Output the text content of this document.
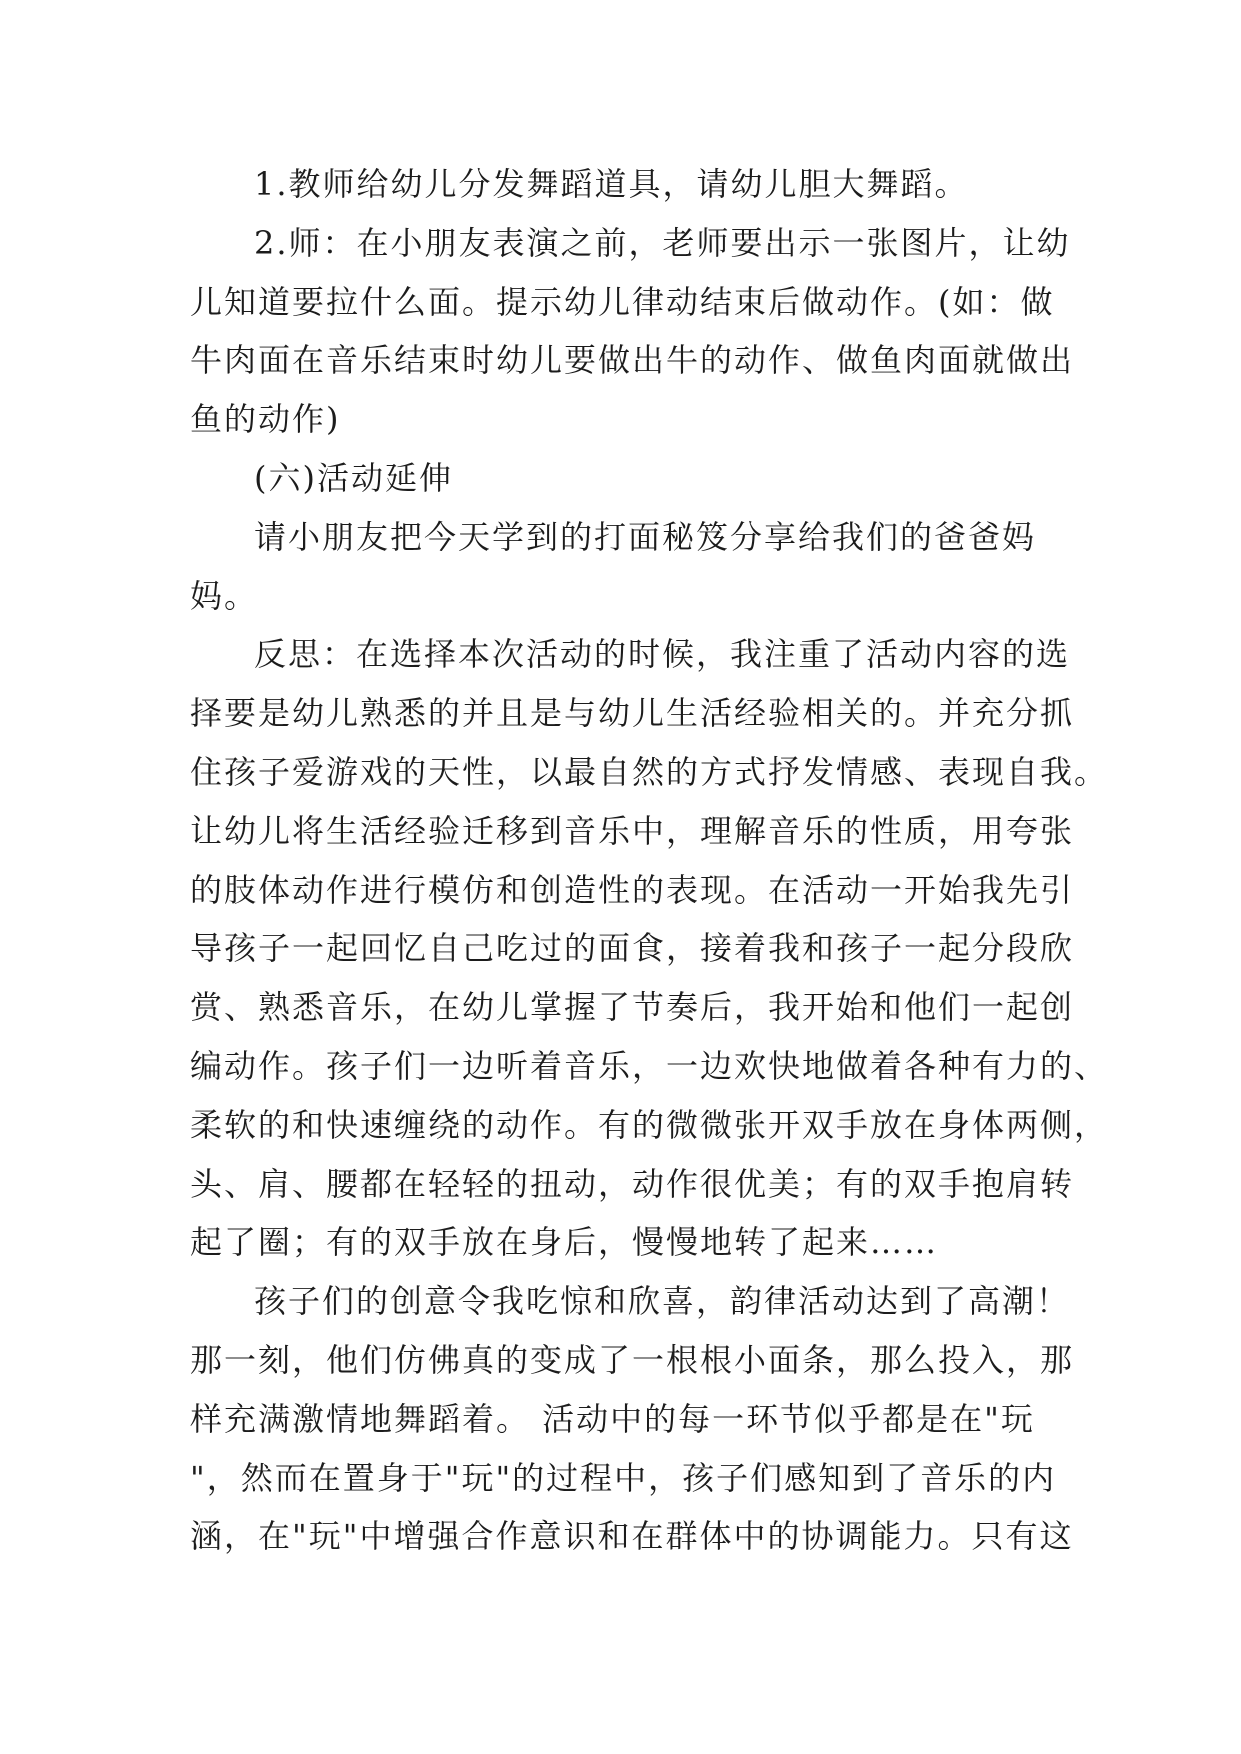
1.教师给幼儿分发舞蹈道具，请幼儿胆大舞蹈。
2.师：在小朋友表演之前，老师要出示一张图片，让幼
儿知道要拉什么面。提示幼儿律动结束后做动作。(如：做
牛肉面在音乐结束时幼儿要做出牛的动作、做鱼肉面就做出
鱼的动作)
(六)活动延伸
请小朋友把今天学到的打面秘笈分享给我们的爸爸妈
妈。
反思：在选择本次活动的时候，我注重了活动内容的选
择要是幼儿熟悉的并且是与幼儿生活经验相关的。并充分抓
住孩子爱游戏的天性，以最自然的方式抒发情感、表现自我。
让幼儿将生活经验迁移到音乐中，理解音乐的性质，用夸张
的肢体动作进行模仿和创造性的表现。在活动一开始我先引
导孩子一起回忆自己吃过的面食，接着我和孩子一起分段欣
赏、熟悉音乐，在幼儿掌握了节奏后，我开始和他们一起创
编动作。孩子们一边听着音乐，一边欢快地做着各种有力的、
柔软的和快速缠绕的动作。有的微微张开双手放在身体两侧，
头、肩、腰都在轻轻的扭动，动作很优美；有的双手抱肩转
起了圈；有的双手放在身后，慢慢地转了起来……
孩子们的创意令我吃惊和欣喜，韵律活动达到了高潮！
那一刻，他们仿佛真的变成了一根根小面条，那么投入，那
样充满激情地舞蹈着。 活动中的每一环节似乎都是在"玩
"，然而在置身于"玩"的过程中，孩子们感知到了音乐的内
涵，在"玩"中增强合作意识和在群体中的协调能力。只有这
